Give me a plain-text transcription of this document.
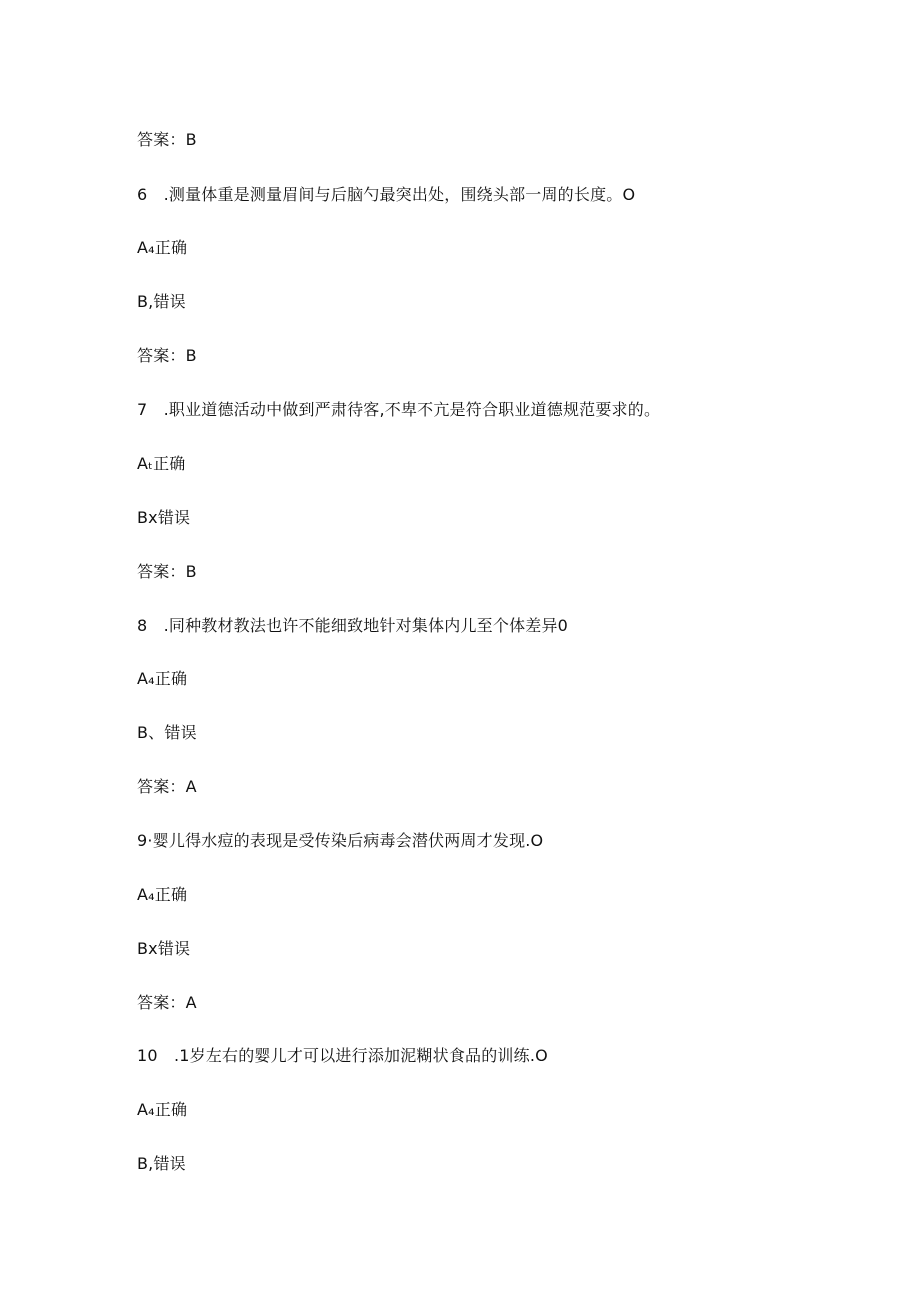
答案：B
6　.测量体重是测量眉间与后脑勺最突出处，围绕头部一周的长度。O
A₄正确
B,错误
答案：B
7　.职业道德活动中做到严肃待客,不卑不亢是符合职业道德规范要求的。
Aₜ正确
Bx错误
答案：B
8　.同种教材教法也许不能细致地针对集体内儿至个体差异0
A₄正确
B、错误
答案：A
9·婴儿得水痘的表现是受传染后病毒会潜伏两周才发现.O
A₄正确
Bx错误
答案：A
10　.1岁左右的婴儿才可以进行添加泥糊状食品的训练.O
A₄正确
B,错误
